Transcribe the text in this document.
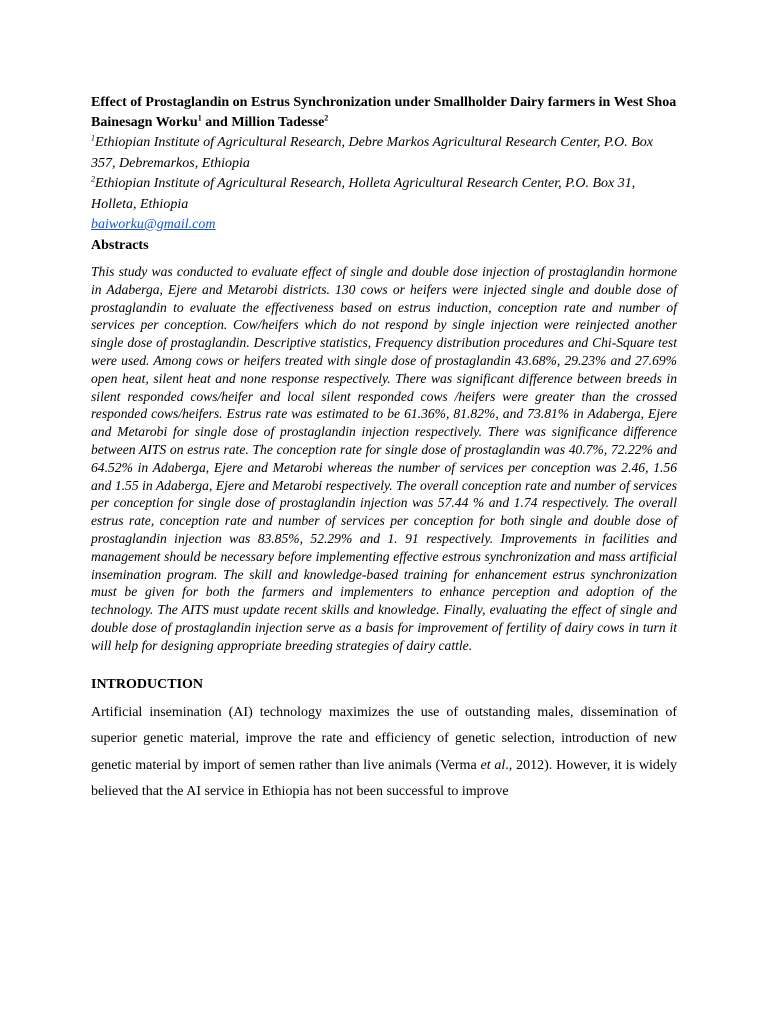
Effect of Prostaglandin on Estrus Synchronization under Smallholder Dairy farmers in West Shoa

Bainesagn Worku$^1$ and Million Tadesse$^2$

$^1$Ethiopian Institute of Agricultural Research, Debre Markos Agricultural Research Center, P.O. Box 357, Debremarkos, Ethiopia

$^2$Ethiopian Institute of Agricultural Research, Holleta Agricultural Research Center, P.O. Box 31, Holleta, Ethiopia

baiworku@gmail.com

Abstracts

This study was conducted to evaluate effect of single and double dose injection of prostaglandin hormone in Adaberga, Ejere and Metarobi districts. 130 cows or heifers were injected single and double dose of prostaglandin to evaluate the effectiveness based on estrus induction, conception rate and number of services per conception. Cow/heifers which do not respond by single injection were reinjected another single dose of prostaglandin. Descriptive statistics, Frequency distribution procedures and Chi-Square test were used. Among cows or heifers treated with single dose of prostaglandin 43.68%, 29.23% and 27.69% open heat, silent heat and none response respectively. There was significant difference between breeds in silent responded cows/heifer and local silent responded cows /heifers were greater than the crossed responded cows/heifers. Estrus rate was estimated to be 61.36%, 81.82%, and 73.81% in Adaberga, Ejere and Metarobi for single dose of prostaglandin injection respectively. There was significance difference between AITS on estrus rate. The conception rate for single dose of prostaglandin was 40.7%, 72.22% and 64.52% in Adaberga, Ejere and Metarobi whereas the number of services per conception was 2.46, 1.56 and 1.55 in Adaberga, Ejere and Metarobi respectively. The overall conception rate and number of services per conception for single dose of prostaglandin injection was 57.44 % and 1.74 respectively. The overall estrus rate, conception rate and number of services per conception for both single and double dose of prostaglandin injection was 83.85%, 52.29% and 1. 91 respectively. Improvements in facilities and management should be necessary before implementing effective estrous synchronization and mass artificial insemination program. The skill and knowledge-based training for enhancement estrus synchronization must be given for both the farmers and implementers to enhance perception and adoption of the technology. The AITS must update recent skills and knowledge. Finally, evaluating the effect of single and double dose of prostaglandin injection serve as a basis for improvement of fertility of dairy cows in turn it will help for designing appropriate breeding strategies of dairy cattle.

INTRODUCTION

Artificial insemination (AI) technology maximizes the use of outstanding males, dissemination of superior genetic material, improve the rate and efficiency of genetic selection, introduction of new genetic material by import of semen rather than live animals (Verma et al., 2012). However, it is widely believed that the AI service in Ethiopia has not been successful to improve
